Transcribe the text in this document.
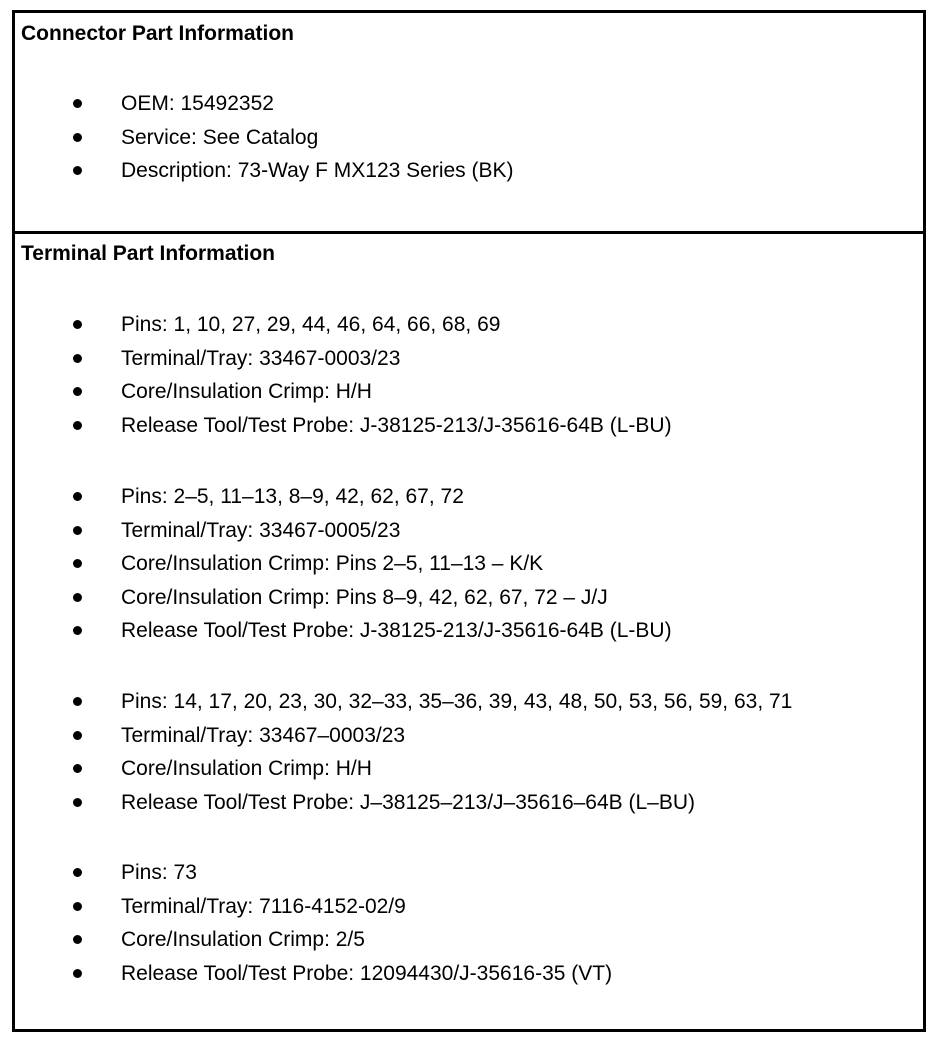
Connector Part Information
OEM: 15492352
Service: See Catalog
Description: 73-Way F MX123 Series (BK)
Terminal Part Information
Pins: 1, 10, 27, 29, 44, 46, 64, 66, 68, 69
Terminal/Tray: 33467-0003/23
Core/Insulation Crimp: H/H
Release Tool/Test Probe: J-38125-213/J-35616-64B (L-BU)
Pins: 2–5, 11–13, 8–9, 42, 62, 67, 72
Terminal/Tray: 33467-0005/23
Core/Insulation Crimp: Pins 2–5, 11–13 – K/K
Core/Insulation Crimp: Pins 8–9, 42, 62, 67, 72 – J/J
Release Tool/Test Probe: J-38125-213/J-35616-64B (L-BU)
Pins: 14, 17, 20, 23, 30, 32–33, 35–36, 39, 43, 48, 50, 53, 56, 59, 63, 71
Terminal/Tray: 33467–0003/23
Core/Insulation Crimp: H/H
Release Tool/Test Probe: J–38125–213/J–35616–64B (L–BU)
Pins: 73
Terminal/Tray: 7116-4152-02/9
Core/Insulation Crimp: 2/5
Release Tool/Test Probe: 12094430/J-35616-35 (VT)
